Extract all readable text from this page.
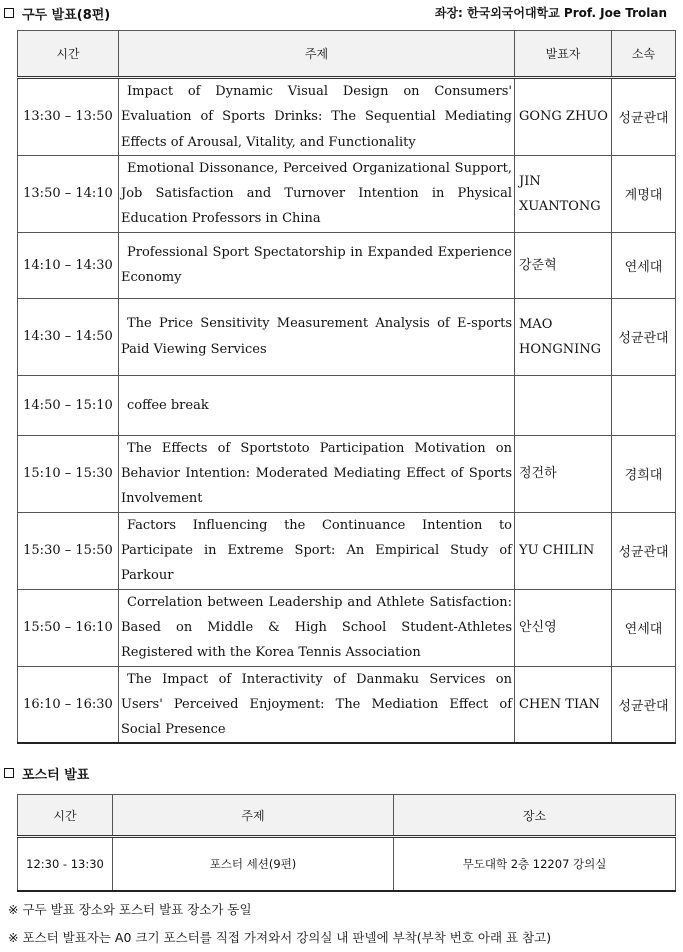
구두 발표(8편)	좌장: 한국외국어대학교 Prof. Joe Trolan
시간	주제	발표자	소속
13:30 – 13:50	Impact of Dynamic Visual Design on Consumers' Evaluation of Sports Drinks: The Sequential Mediating Effects of Arousal, Vitality, and Functionality	GONG ZHUO	성균관대
13:50 – 14:10	Emotional Dissonance, Perceived Organizational Support, Job Satisfaction and Turnover Intention in Physical Education Professors in China	JIN XUANTONG	계명대
14:10 – 14:30	Professional Sport Spectatorship in Expanded Experience Economy	강준혁	연세대
14:30 – 14:50	The Price Sensitivity Measurement Analysis of E-sports Paid Viewing Services	MAO HONGNING	성균관대
14:50 – 15:10	coffee break		
15:10 – 15:30	The Effects of Sportstoto Participation Motivation on Behavior Intention: Moderated Mediating Effect of Sports Involvement	정건하	경희대
15:30 – 15:50	Factors Influencing the Continuance Intention to Participate in Extreme Sport: An Empirical Study of Parkour	YU CHILIN	성균관대
15:50 – 16:10	Correlation between Leadership and Athlete Satisfaction: Based on Middle & High School Student-Athletes Registered with the Korea Tennis Association	안신영	연세대
16:10 – 16:30	The Impact of Interactivity of Danmaku Services on Users' Perceived Enjoyment: The Mediation Effect of Social Presence	CHEN TIAN	성균관대
포스터 발표
시간	주제	장소
12:30 - 13:30	포스터 세션(9편)	무도대학 2층 12207 강의실
※ 구두 발표 장소와 포스터 발표 장소가 동일
※ 포스터 발표자는 A0 크기 포스터를 직접 가져와서 강의실 내 판넬에 부착(부착 번호 아래 표 참고)
